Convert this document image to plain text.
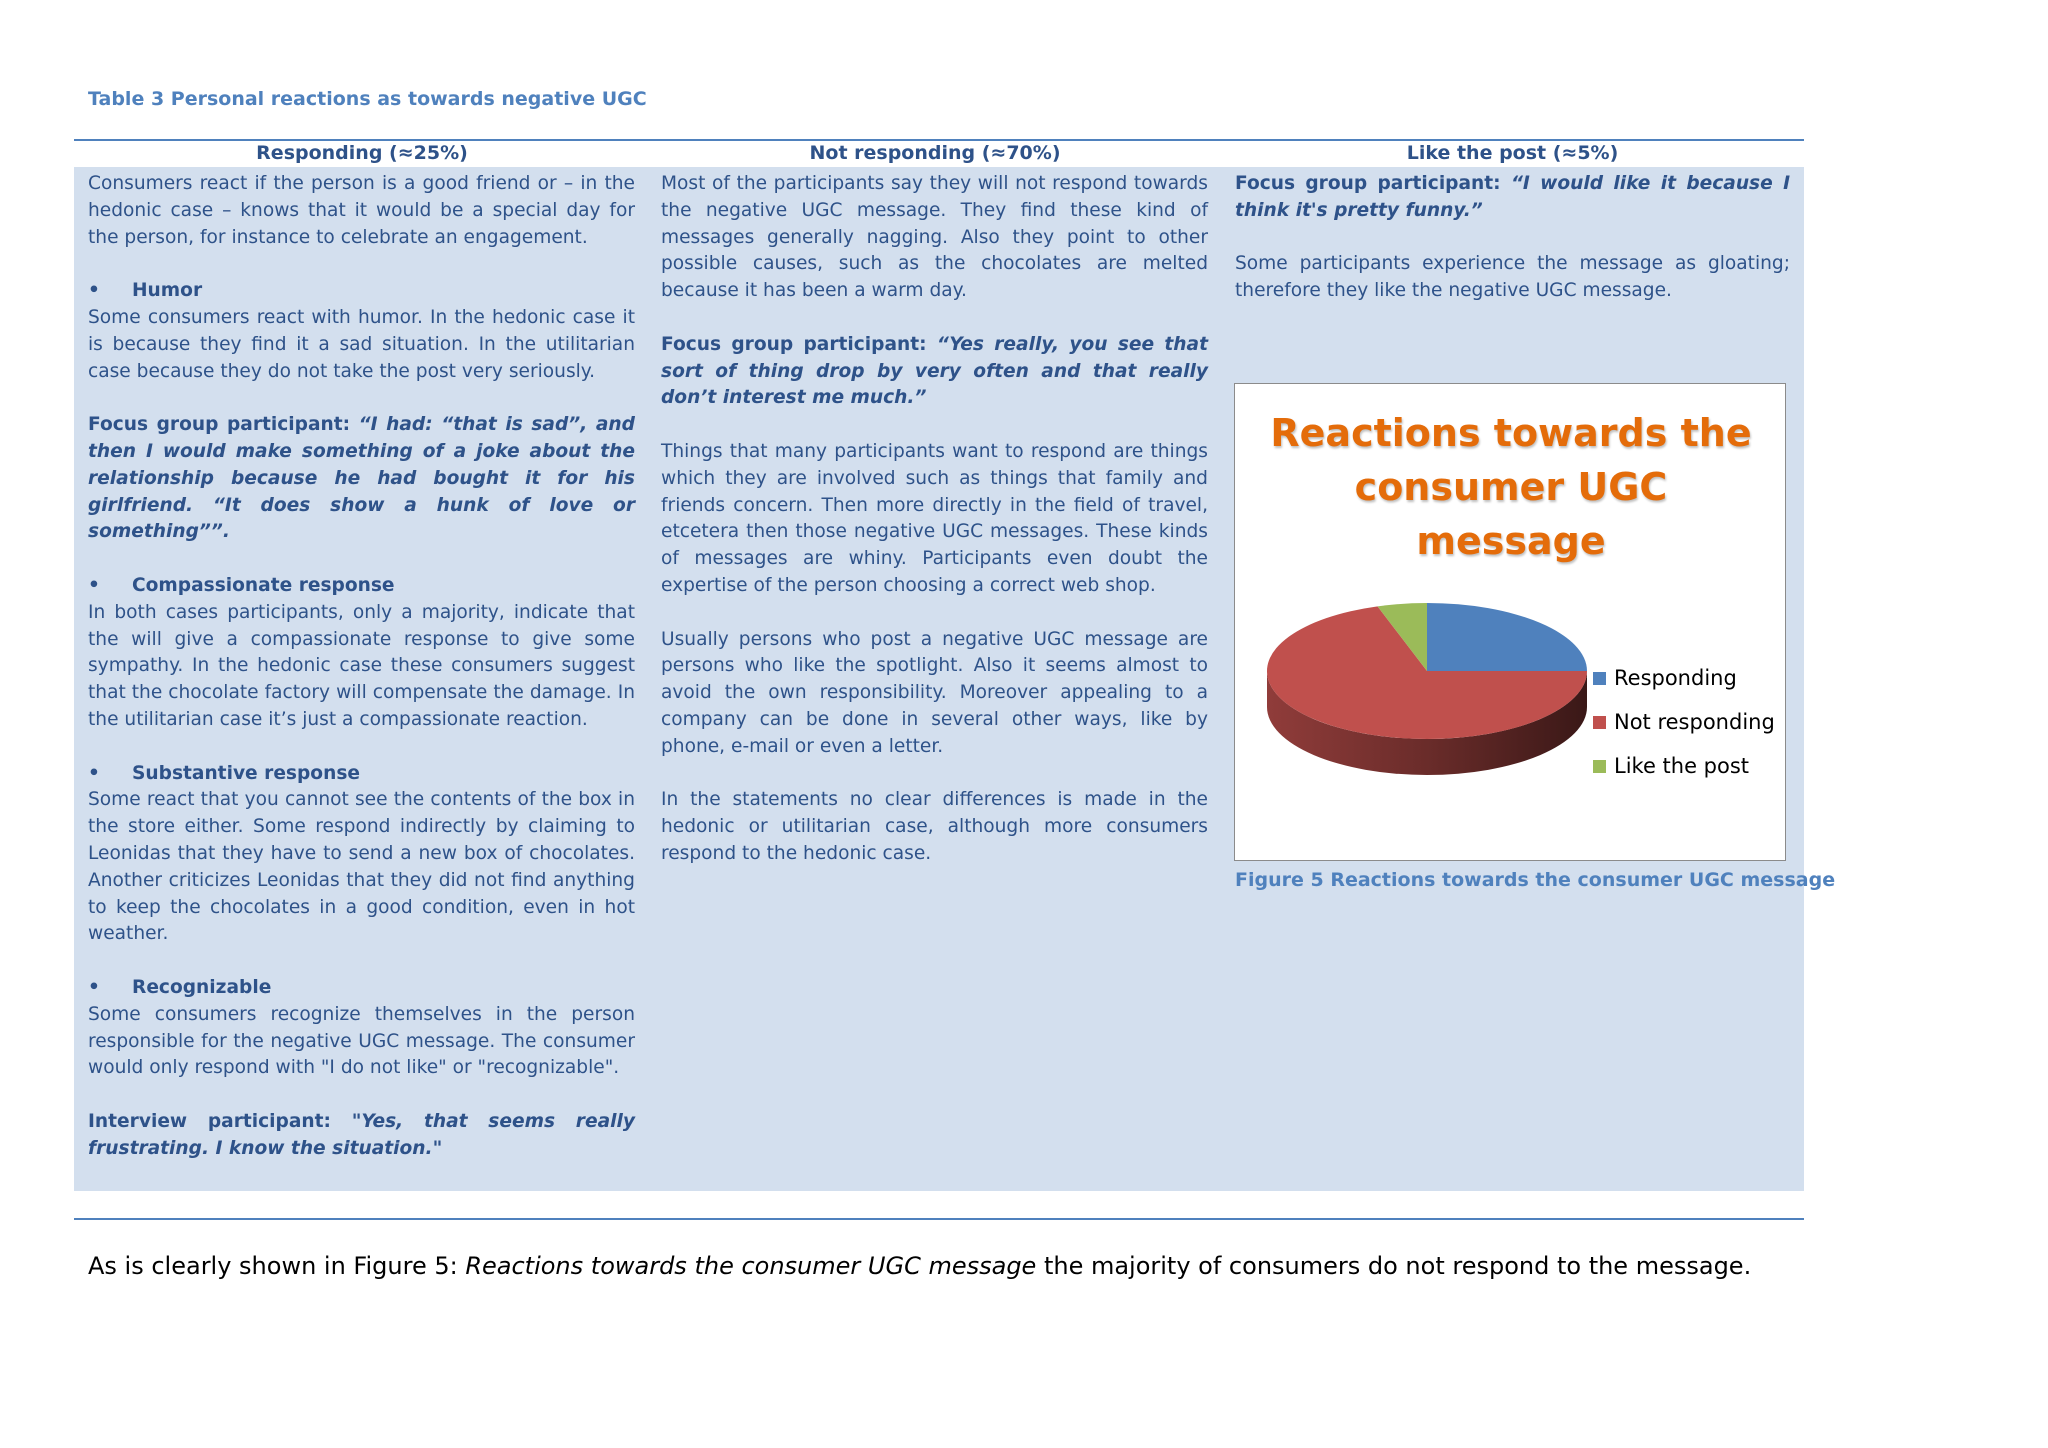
Table 3 Personal reactions as towards negative UGC
Responding (≈25%)	Not responding (≈70%)	Like the post (≈5%)

Consumers react if the person is a good friend or – in the hedonic case – knows that it would be a special day for the person, for instance to celebrate an engagement.

• Humor

Some consumers react with humor. In the hedonic case it is because they find it a sad situation. In the utilitarian case because they do not take the post very seriously.

Focus group participant: “I had: “that is sad”, and then I would make something of a joke about the relationship because he had bought it for his girlfriend. “It does show a hunk of love or something””.

• Compassionate response

In both cases participants, only a majority, indicate that the will give a compassionate response to give some sympathy. In the hedonic case these consumers suggest that the chocolate factory will compensate the damage. In the utilitarian case it’s just a compassionate reaction.

• Substantive response

Some react that you cannot see the contents of the box in the store either. Some respond indirectly by claiming to Leonidas that they have to send a new box of chocolates. Another criticizes Leonidas that they did not find anything to keep the chocolates in a good condition, even in hot weather.

• Recognizable

Some consumers recognize themselves in the person responsible for the negative UGC message. The consumer would only respond with "I do not like" or "recognizable".

Interview participant: "Yes, that seems really frustrating. I know the situation."

Most of the participants say they will not respond towards the negative UGC message. They find these kind of messages generally nagging. Also they point to other possible causes, such as the chocolates are melted because it has been a warm day.

Focus group participant: “Yes really, you see that sort of thing drop by very often and that really don’t interest me much.”

Things that many participants want to respond are things which they are involved such as things that family and friends concern. Then more directly in the field of travel, etcetera then those negative UGC messages. These kinds of messages are whiny. Participants even doubt the expertise of the person choosing a correct web shop.

Usually persons who post a negative UGC message are persons who like the spotlight. Also it seems almost to avoid the own responsibility. Moreover appealing to a company can be done in several other ways, like by phone, e-mail or even a letter.

In the statements no clear differences is made in the hedonic or utilitarian case, although more consumers respond to the hedonic case.

Focus group participant: “I would like it because I think it's pretty funny.”

Some participants experience the message as gloating; therefore they like the negative UGC message.

Reactions towards the
consumer UGC
message
Responding
Not responding
Like the post
Figure 5 Reactions towards the consumer UGC message
As is clearly shown in Figure 5: Reactions towards the consumer UGC message the majority of consumers do not respond to the message.
